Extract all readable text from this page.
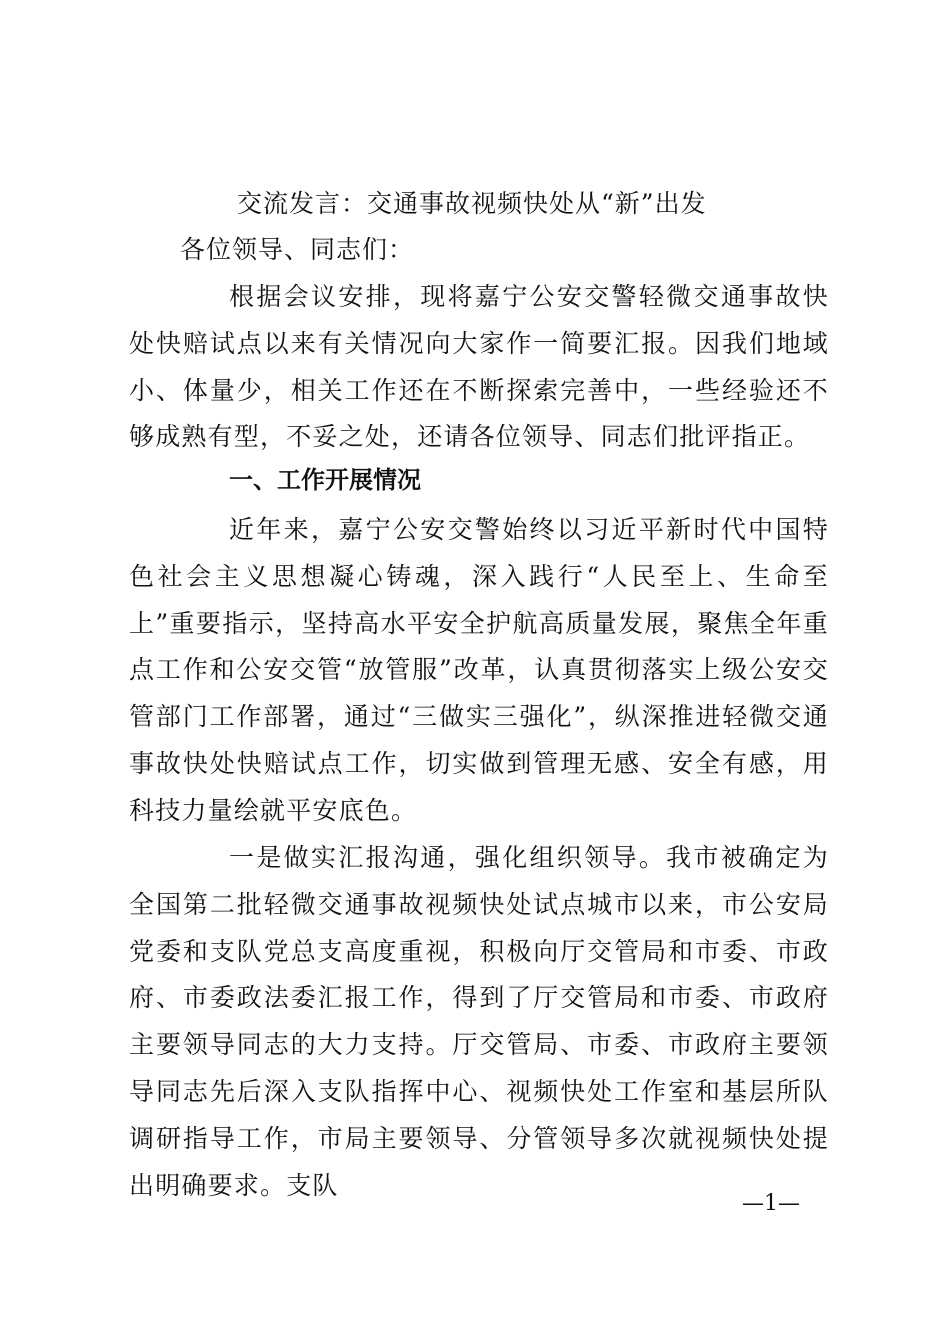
交流发言：交通事故视频快处从“新”出发
各位领导、同志们：

根据会议安排，现将嘉宁公安交警轻微交通事故快处快赔试点以来有关情况向大家作一简要汇报。因我们地域小、体量少，相关工作还在不断探索完善中，一些经验还不够成熟有型，不妥之处，还请各位领导、同志们批评指正。

一、工作开展情况

近年来，嘉宁公安交警始终以习近平新时代中国特色社会主义思想凝心铸魂，深入践行“人民至上、生命至上”重要指示，坚持高水平安全护航高质量发展，聚焦全年重点工作和公安交管“放管服”改革，认真贯彻落实上级公安交管部门工作部署，通过“三做实三强化”，纵深推进轻微交通事故快处快赔试点工作，切实做到管理无感、安全有感，用科技力量绘就平安底色。

一是做实汇报沟通，强化组织领导。我市被确定为全国第二批轻微交通事故视频快处试点城市以来，市公安局党委和支队党总支高度重视，积极向厅交管局和市委、市政府、市委政法委汇报工作，得到了厅交管局和市委、市政府主要领导同志的大力支持。厅交管局、市委、市政府主要领导同志先后深入支队指挥中心、视频快处工作室和基层所队调研指导工作，市局主要领导、分管领导多次就视频快处提出明确要求。支队

—1—
